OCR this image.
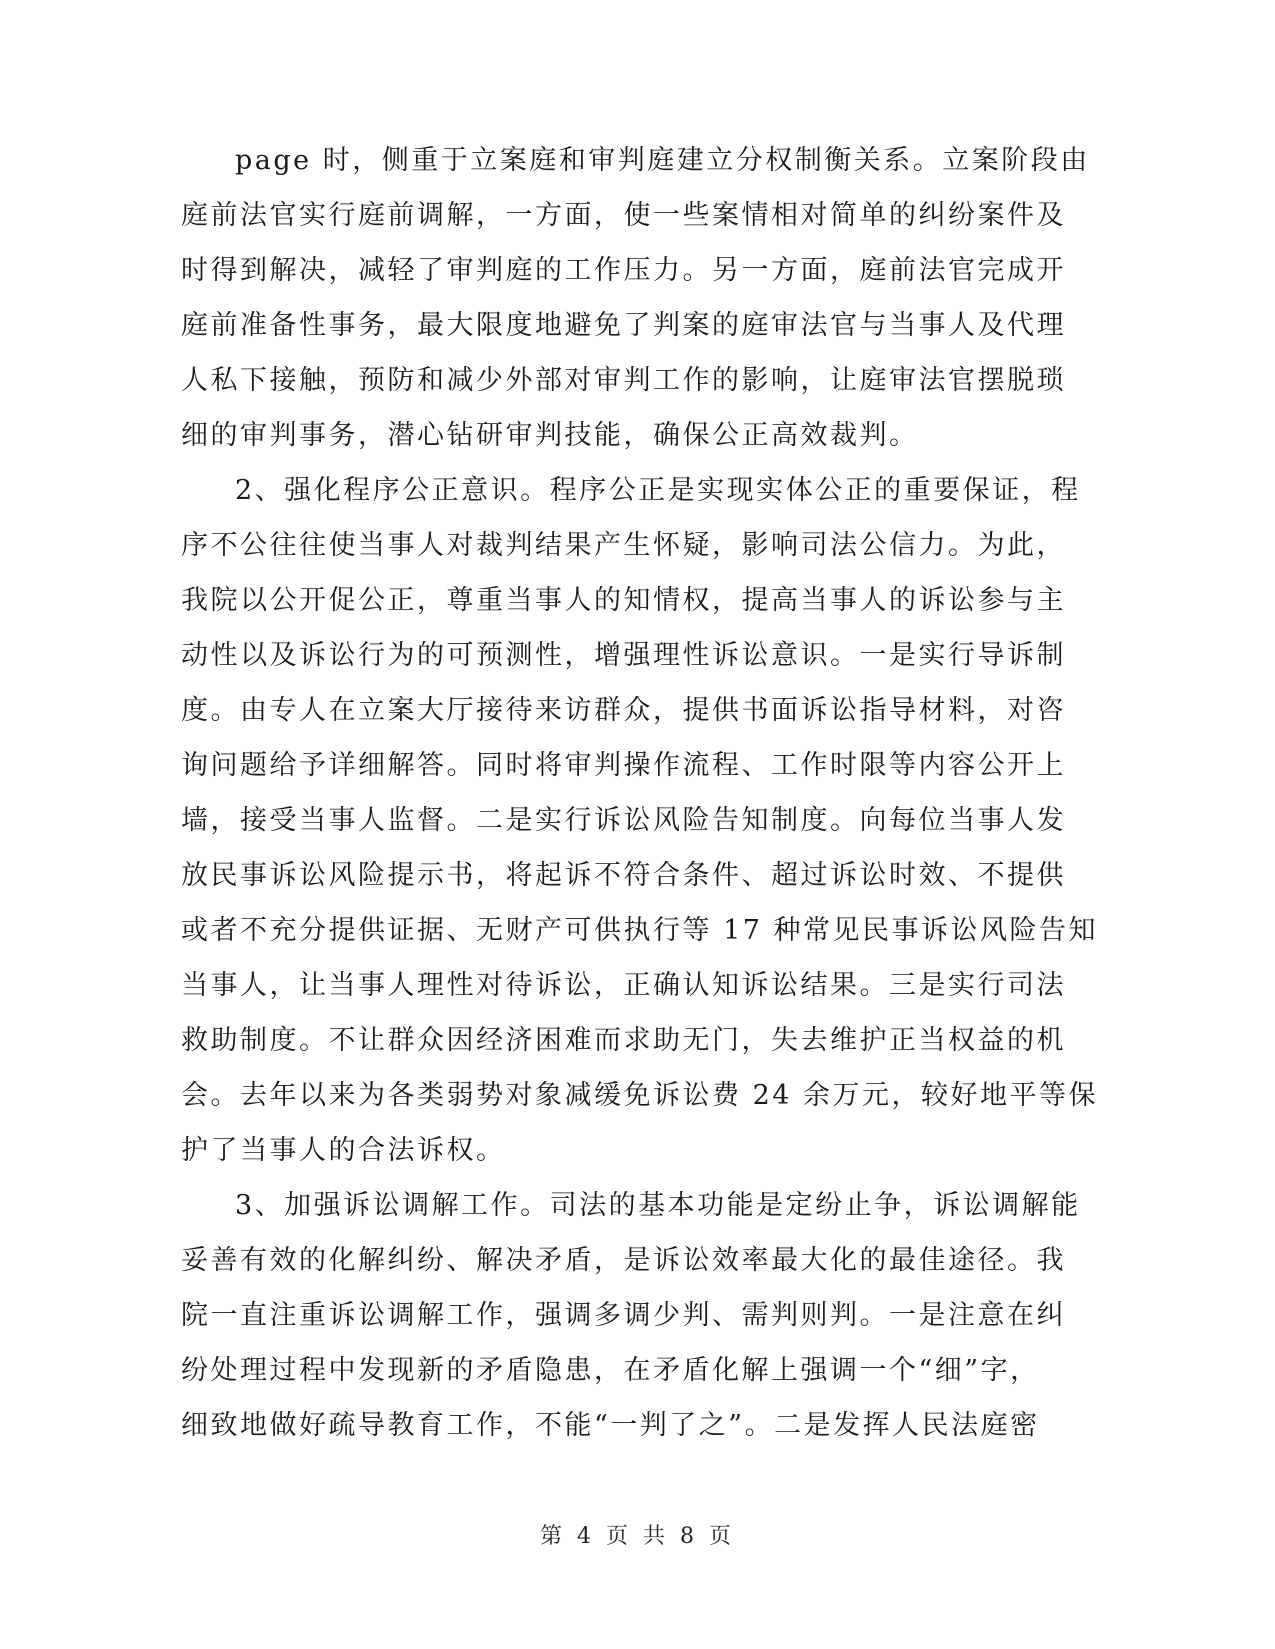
page 时，侧重于立案庭和审判庭建立分权制衡关系。立案阶段由
庭前法官实行庭前调解，一方面，使一些案情相对简单的纠纷案件及
时得到解决，减轻了审判庭的工作压力。另一方面，庭前法官完成开
庭前准备性事务，最大限度地避免了判案的庭审法官与当事人及代理
人私下接触，预防和减少外部对审判工作的影响，让庭审法官摆脱琐
细的审判事务，潜心钻研审判技能，确保公正高效裁判。
2、强化程序公正意识。程序公正是实现实体公正的重要保证，程
序不公往往使当事人对裁判结果产生怀疑，影响司法公信力。为此，
我院以公开促公正，尊重当事人的知情权，提高当事人的诉讼参与主
动性以及诉讼行为的可预测性，增强理性诉讼意识。一是实行导诉制
度。由专人在立案大厅接待来访群众，提供书面诉讼指导材料，对咨
询问题给予详细解答。同时将审判操作流程、工作时限等内容公开上
墙，接受当事人监督。二是实行诉讼风险告知制度。向每位当事人发
放民事诉讼风险提示书，将起诉不符合条件、超过诉讼时效、不提供
或者不充分提供证据、无财产可供执行等 17 种常见民事诉讼风险告知
当事人，让当事人理性对待诉讼，正确认知诉讼结果。三是实行司法
救助制度。不让群众因经济困难而求助无门，失去维护正当权益的机
会。去年以来为各类弱势对象减缓免诉讼费 24 余万元，较好地平等保
护了当事人的合法诉权。
3、加强诉讼调解工作。司法的基本功能是定纷止争，诉讼调解能
妥善有效的化解纠纷、解决矛盾，是诉讼效率最大化的最佳途径。我
院一直注重诉讼调解工作，强调多调少判、需判则判。一是注意在纠
纷处理过程中发现新的矛盾隐患，在矛盾化解上强调一个“细”字，
细致地做好疏导教育工作，不能“一判了之”。二是发挥人民法庭密
第 4 页 共 8 页
